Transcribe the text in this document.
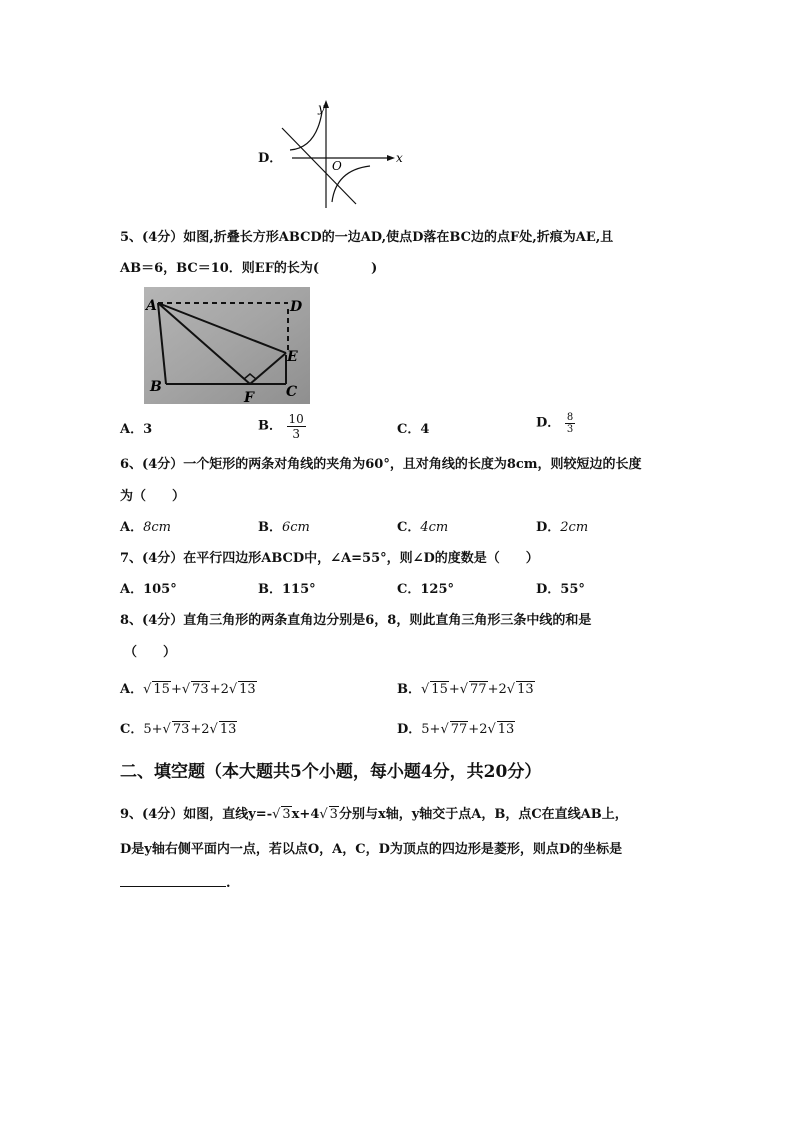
D．
y
x
O
5、(4分）如图,折叠长方形ABCD的一边AD,使点D落在BC边的点F处,折痕为AE,且
AB＝6，BC＝10．则EF的长为(	)
A	D
E
B	C
F
A．3	B． $\frac{10}{3}$	C．4	D． $\frac{8}{3}$
6、(4分）一个矩形的两条对角线的夹角为60°，且对角线的长度为8cm，则较短边的长度
为（　　）
A．8cm	B．6cm	C．4cm	D．2cm
7、(4分）在平行四边形ABCD中，∠A=55°，则∠D的度数是（　　）
A．105°	B．115°	C．125°	D．55°
8、(4分）直角三角形的两条直角边分别是6，8，则此直角三角形三条中线的和是
（　　）
A．√ 15+√ 73+2√ 13	B．√ 15+√ 77+2√ 13
C．5+√ 73+2√ 13	D．5+√ 77+2√ 13
二、填空题（本大题共5个小题，每小题4分，共20分）
9、(4分）如图，直线y=-√ 3x+4√ 3分别与x轴，y轴交于点A，B，点C在直线AB上，
D是y轴右侧平面内一点，若以点O，A，C，D为顶点的四边形是菱形，则点D的坐标是
.
